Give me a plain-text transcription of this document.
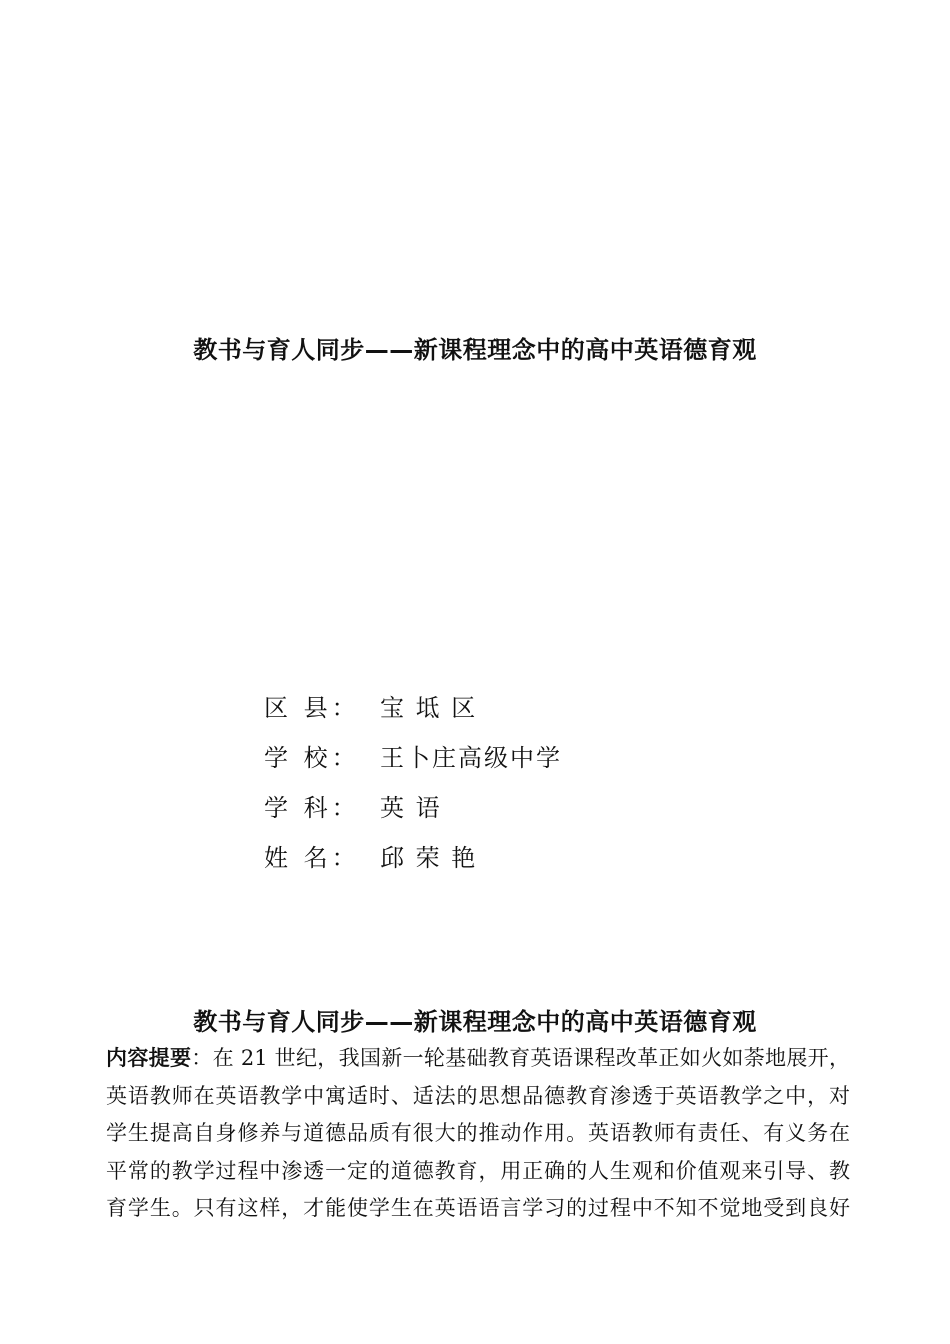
教书与育人同步——新课程理念中的高中英语德育观
区 县： 宝 坻 区
学 校： 王卜庄高级中学
学 科： 英 语
姓 名： 邱 荣 艳
教书与育人同步——新课程理念中的高中英语德育观

内容提要：在 21 世纪，我国新一轮基础教育英语课程改革正如火如荼地展开，

英语教师在英语教学中寓适时、适法的思想品德教育渗透于英语教学之中，对

学生提高自身修养与道德品质有很大的推动作用。英语教师有责任、有义务在

平常的教学过程中渗透一定的道德教育，用正确的人生观和价值观来引导、教

育学生。只有这样，才能使学生在英语语言学习的过程中不知不觉地受到良好
